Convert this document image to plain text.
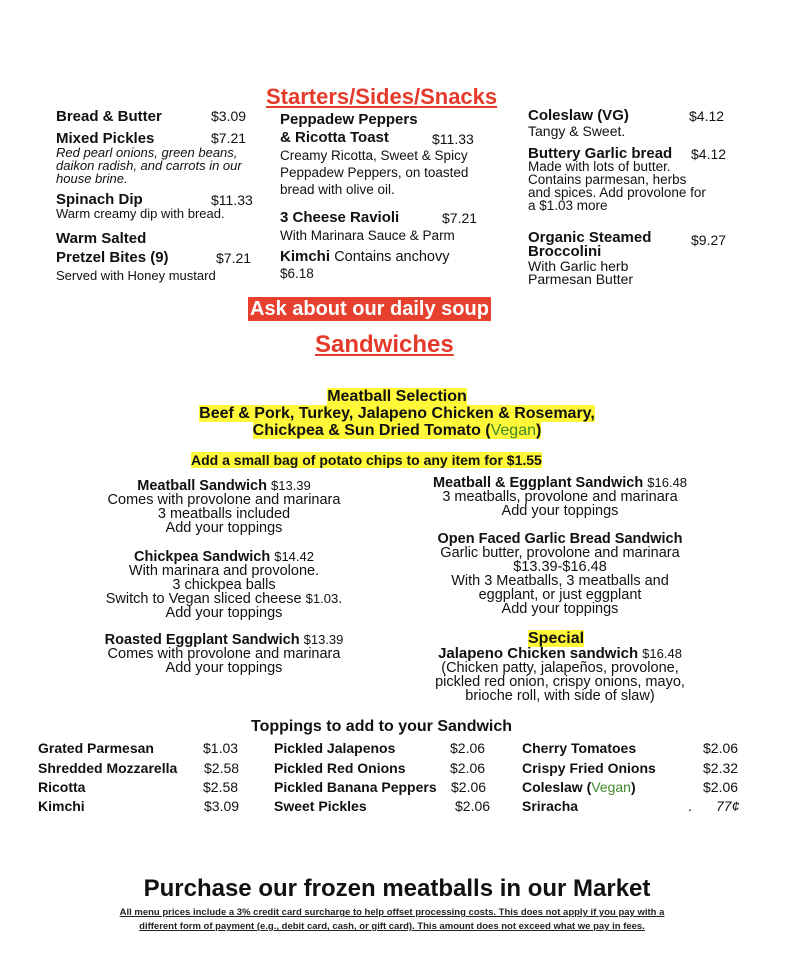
Starters/Sides/Snacks
Bread & Butter	$3.09
Mixed Pickles	$7.21
Red pearl onions, green beans, daikon radish, and carrots in our house brine.
Spinach Dip	$11.33
Warm creamy dip with bread.
Warm Salted
Pretzel Bites (9)	$7.21
Served with Honey mustard
Peppadew Peppers
& Ricotta Toast	$11.33
Creamy Ricotta, Sweet & Spicy Peppadew Peppers, on toasted bread with olive oil.
3 Cheese Ravioli	$7.21
With Marinara Sauce & Parm
Kimchi Contains anchovy
$6.18
Coleslaw (VG)	$4.12
Tangy & Sweet.
Buttery Garlic bread $4.12
Made with lots of butter. Contains parmesan, herbs and spices. Add provolone for a $1.03 more
Organic Steamed Broccolini
$9.27
With Garlic herb Parmesan Butter
Ask about our daily soup
Sandwiches
Meatball Selection
Beef & Pork, Turkey, Jalapeno Chicken & Rosemary,
Chickpea & Sun Dried Tomato (Vegan)
Add a small bag of potato chips to any item for $1.55
Meatball Sandwich $13.39
Comes with provolone and marinara
3 meatballs included
Add your toppings
Chickpea Sandwich $14.42
With marinara and provolone.
3 chickpea balls
Switch to Vegan sliced cheese $1.03.
Add your toppings
Roasted Eggplant Sandwich $13.39
Comes with provolone and marinara
Add your toppings
Meatball & Eggplant Sandwich $16.48
3 meatballs, provolone and marinara
Add your toppings
Open Faced Garlic Bread Sandwich
Garlic butter, provolone and marinara
$13.39-$16.48
With 3 Meatballs, 3 meatballs and
eggplant, or just eggplant
Add your toppings
Special
Jalapeno Chicken sandwich $16.48
(Chicken patty, jalapeños, provolone,
pickled red onion, crispy onions, mayo,
brioche roll, with side of slaw)
Toppings to add to your Sandwich
Grated Parmesan	$1.03
Shredded Mozzarella $2.58
Ricotta	$2.58
Kimchi	$3.09
Pickled Jalapenos	$2.06
Pickled Red Onions	$2.06
Pickled Banana Peppers $2.06
Sweet Pickles	$2.06
Cherry Tomatoes	$2.06
Crispy Fried Onions	$2.32
Coleslaw (Vegan)	$2.06
Sriracha	. 77¢
Purchase our frozen meatballs in our Market
All menu prices include a 3% credit card surcharge to help offset processing costs. This does not apply if you pay with a
different form of payment (e.g., debit card, cash, or gift card). This amount does not exceed what we pay in fees.
